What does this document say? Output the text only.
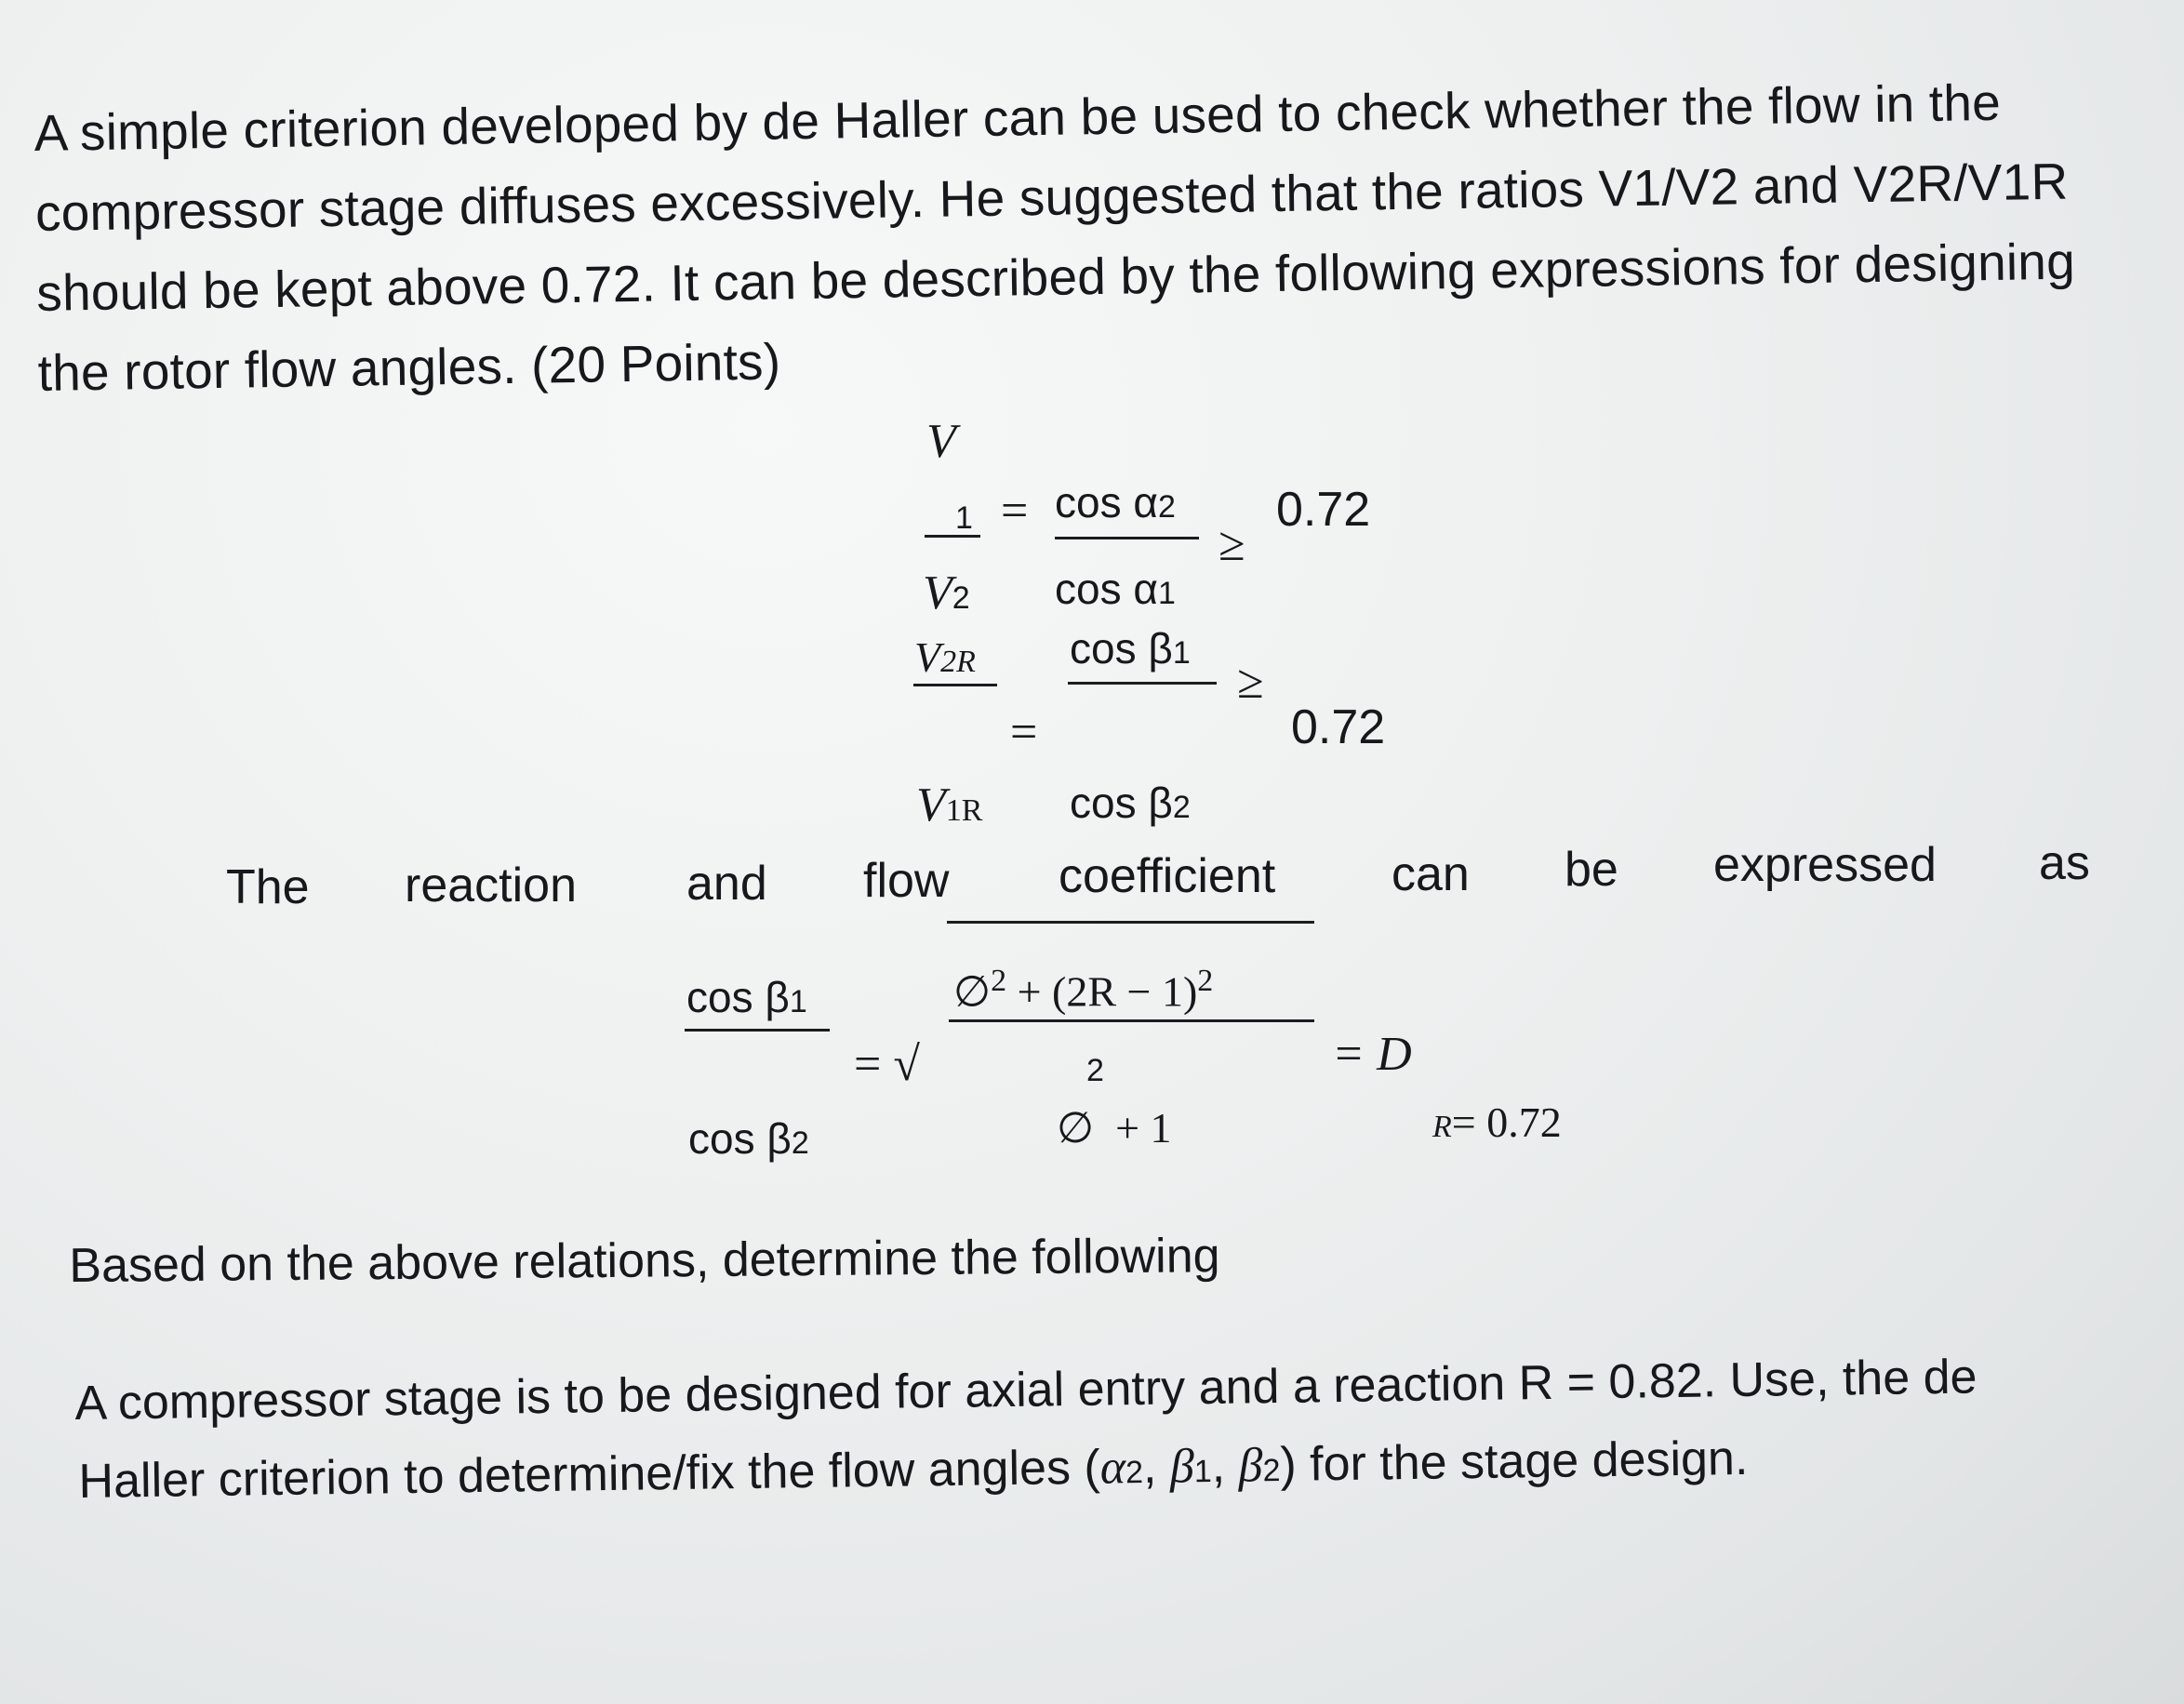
A simple criterion developed by de Haller can be used to check whether the flow in the compressor stage diffuses excessively. He suggested that the ratios V1/V2 and V2R/V1R should be kept above 0.72. It can be described by the following expressions for designing the rotor flow angles. (20 Points)
V
1 =
V2
cos α2
cos α1
≥
0.72
V2R
=
V1R
cos β1
cos β2
≥
0.72
The reaction and flow coefficient can be expressed as
cos β1
cos β2
= √
∅$^2$ + $(2R - 1)^2$
2
∅ + 1
= D
R= 0.72
Based on the above relations, determine the following
A compressor stage is to be designed for axial entry and a reaction R = 0.82. Use, the de
Haller criterion to determine/fix the flow angles (α2, β1, β2) for the stage design.
